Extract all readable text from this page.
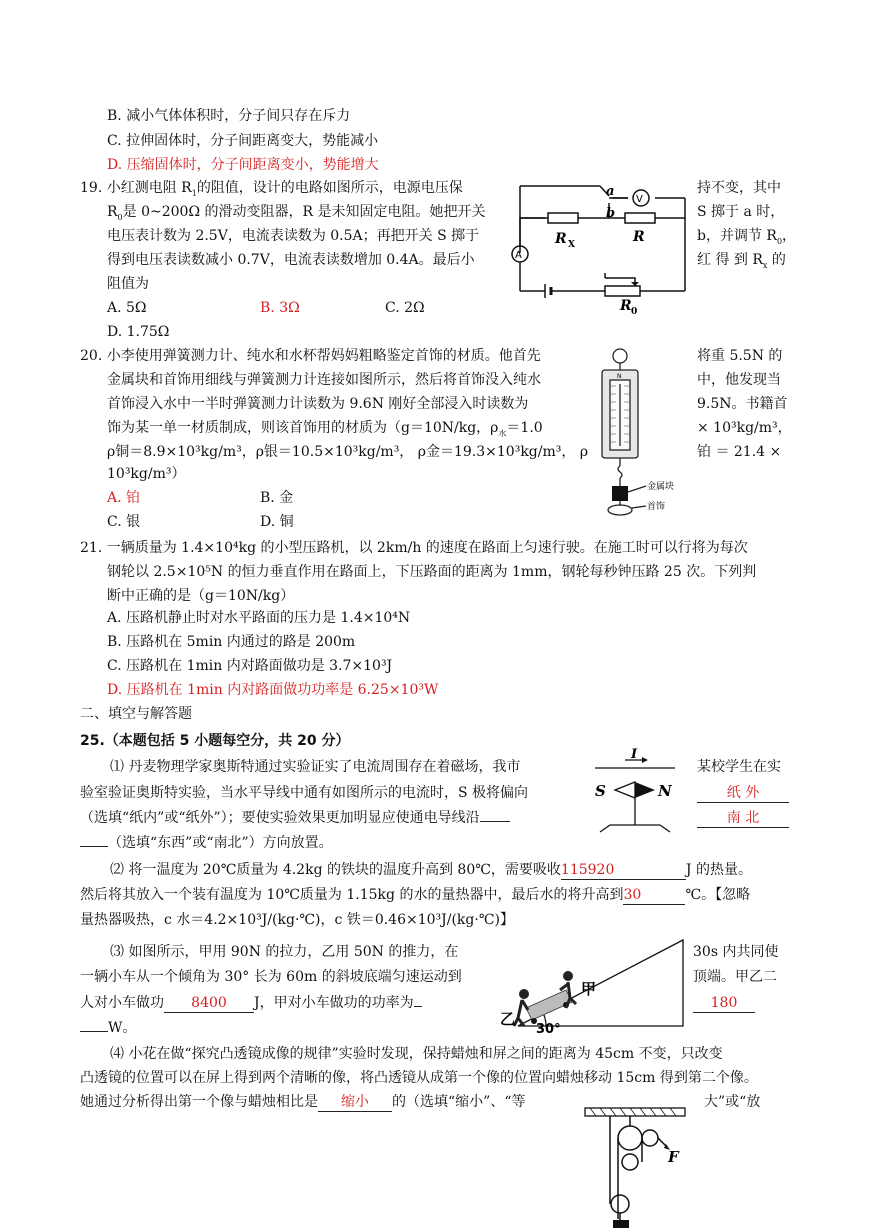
B. 减小气体体积时，分子间只存在斥力
C. 拉伸固体时，分子间距离变大，势能减小
D. 压缩固体时，分子间距离变小，势能增大
19. 小红测电阻 $R_1$的阻值，设计的电路如图所示，电源电压保	持不变，其中
$R_0$是 0~200Ω 的滑动变阻器，R 是未知固定电阻。她把开关	S 掷于 a 时，
电压表计数为 2.5V，电流表读数为 0.5A；再把开关 S 掷于	b，并调节 $R_0$，
得到电压表读数减小 0.7V，电流表读数增加 0.4A。最后小	红 得 到 $R_x$ 的
阻值为
A. 5Ω	B. 3Ω	C. 2Ω
D. 1.75Ω
a
b
V
A
R X	R
R 0
20. 小李使用弹簧测力计、纯水和水杯帮妈妈粗略鉴定首饰的材质。他首先	将重 5.5N 的
金属块和首饰用细线与弹簧测力计连接如图所示，然后将首饰没入纯水	中，他发现当
首饰浸入水中一半时弹簧测力计读数为 9.6N 刚好全部浸入时读数为	9.5N。书籍首
饰为某一单一材质制成，则该首饰用的材质为（g＝10N/kg，$\rho_水=1.0$	× 10³kg/m³，
ρ铜＝8.9×10³kg/m³，ρ银＝10.5×10³kg/m³， ρ金＝19.3×10³kg/m³， ρ	铂 ＝ 21.4 ×
10³kg/m³）
A. 铂	B. 金
C. 银	D. 铜
N
金属块
首饰
21. 一辆质量为 1.4×10⁴kg 的小型压路机，以 2km/h 的速度在路面上匀速行驶。在施工时可以行将为每次
钢轮以 2.5×10⁵N 的恒力垂直作用在路面上，下压路面的距离为 1mm，钢轮每秒钟压路 25 次。下列判
断中正确的是（g＝10N/kg）
A. 压路机静止时对水平路面的压力是 1.4×10⁴N
B. 压路机在 5min 内通过的路是 200m
C. 压路机在 1min 内对路面做功是 3.7×10³J
D. 压路机在 1min 内对路面做功功率是 6.25×10³W
二、填空与解答题
25.（本题包括 5 小题每空分，共 20 分）
⑴ 丹麦物理学家奥斯特通过实验证实了电流周围存在着磁场，我市	某校学生在实
验室验证奥斯特实验，当水平导线中通有如图所示的电流时，S 极将偏向	纸 外
（选填“纸内”或“纸外”）；要使实验效果更加明显应使通电导线沿	南 北
（选填“东西”或“南北”）方向放置。
I
S	N
⑵ 将一温度为 20℃质量为 4.2kg 的铁块的温度升高到 80℃，需要吸收115920	J 的热量。
然后将其放入一个装有温度为 10℃质量为 1.15kg 的水的量热器中，最后水的将升高到30	℃。【忽略
量热器吸热，c 水＝4.2×10³J/(kg·℃)，c 铁＝0.46×10³J/(kg·℃)】
⑶ 如图所示，甲用 90N 的拉力，乙用 50N 的推力，在	30s 内共同使
一辆小车从一个倾角为 30° 长为 60m 的斜坡底端匀速运动到	顶端。甲乙二
人对小车做功 8400 J，甲对小车做功的功率为	180
W。
甲
乙
30°
⑷ 小花在做“探究凸透镜成像的规律”实验时发现，保持蜡烛和屏之间的距离为 45cm 不变，只改变
凸透镜的位置可以在屏上得到两个清晰的像，将凸透镜从成第一个像的位置向蜡烛移动 15cm 得到第二个像。
她通过分析得出第一个像与蜡烛相比是 缩小 的（选填“缩小”、“等	大”或“放
F
